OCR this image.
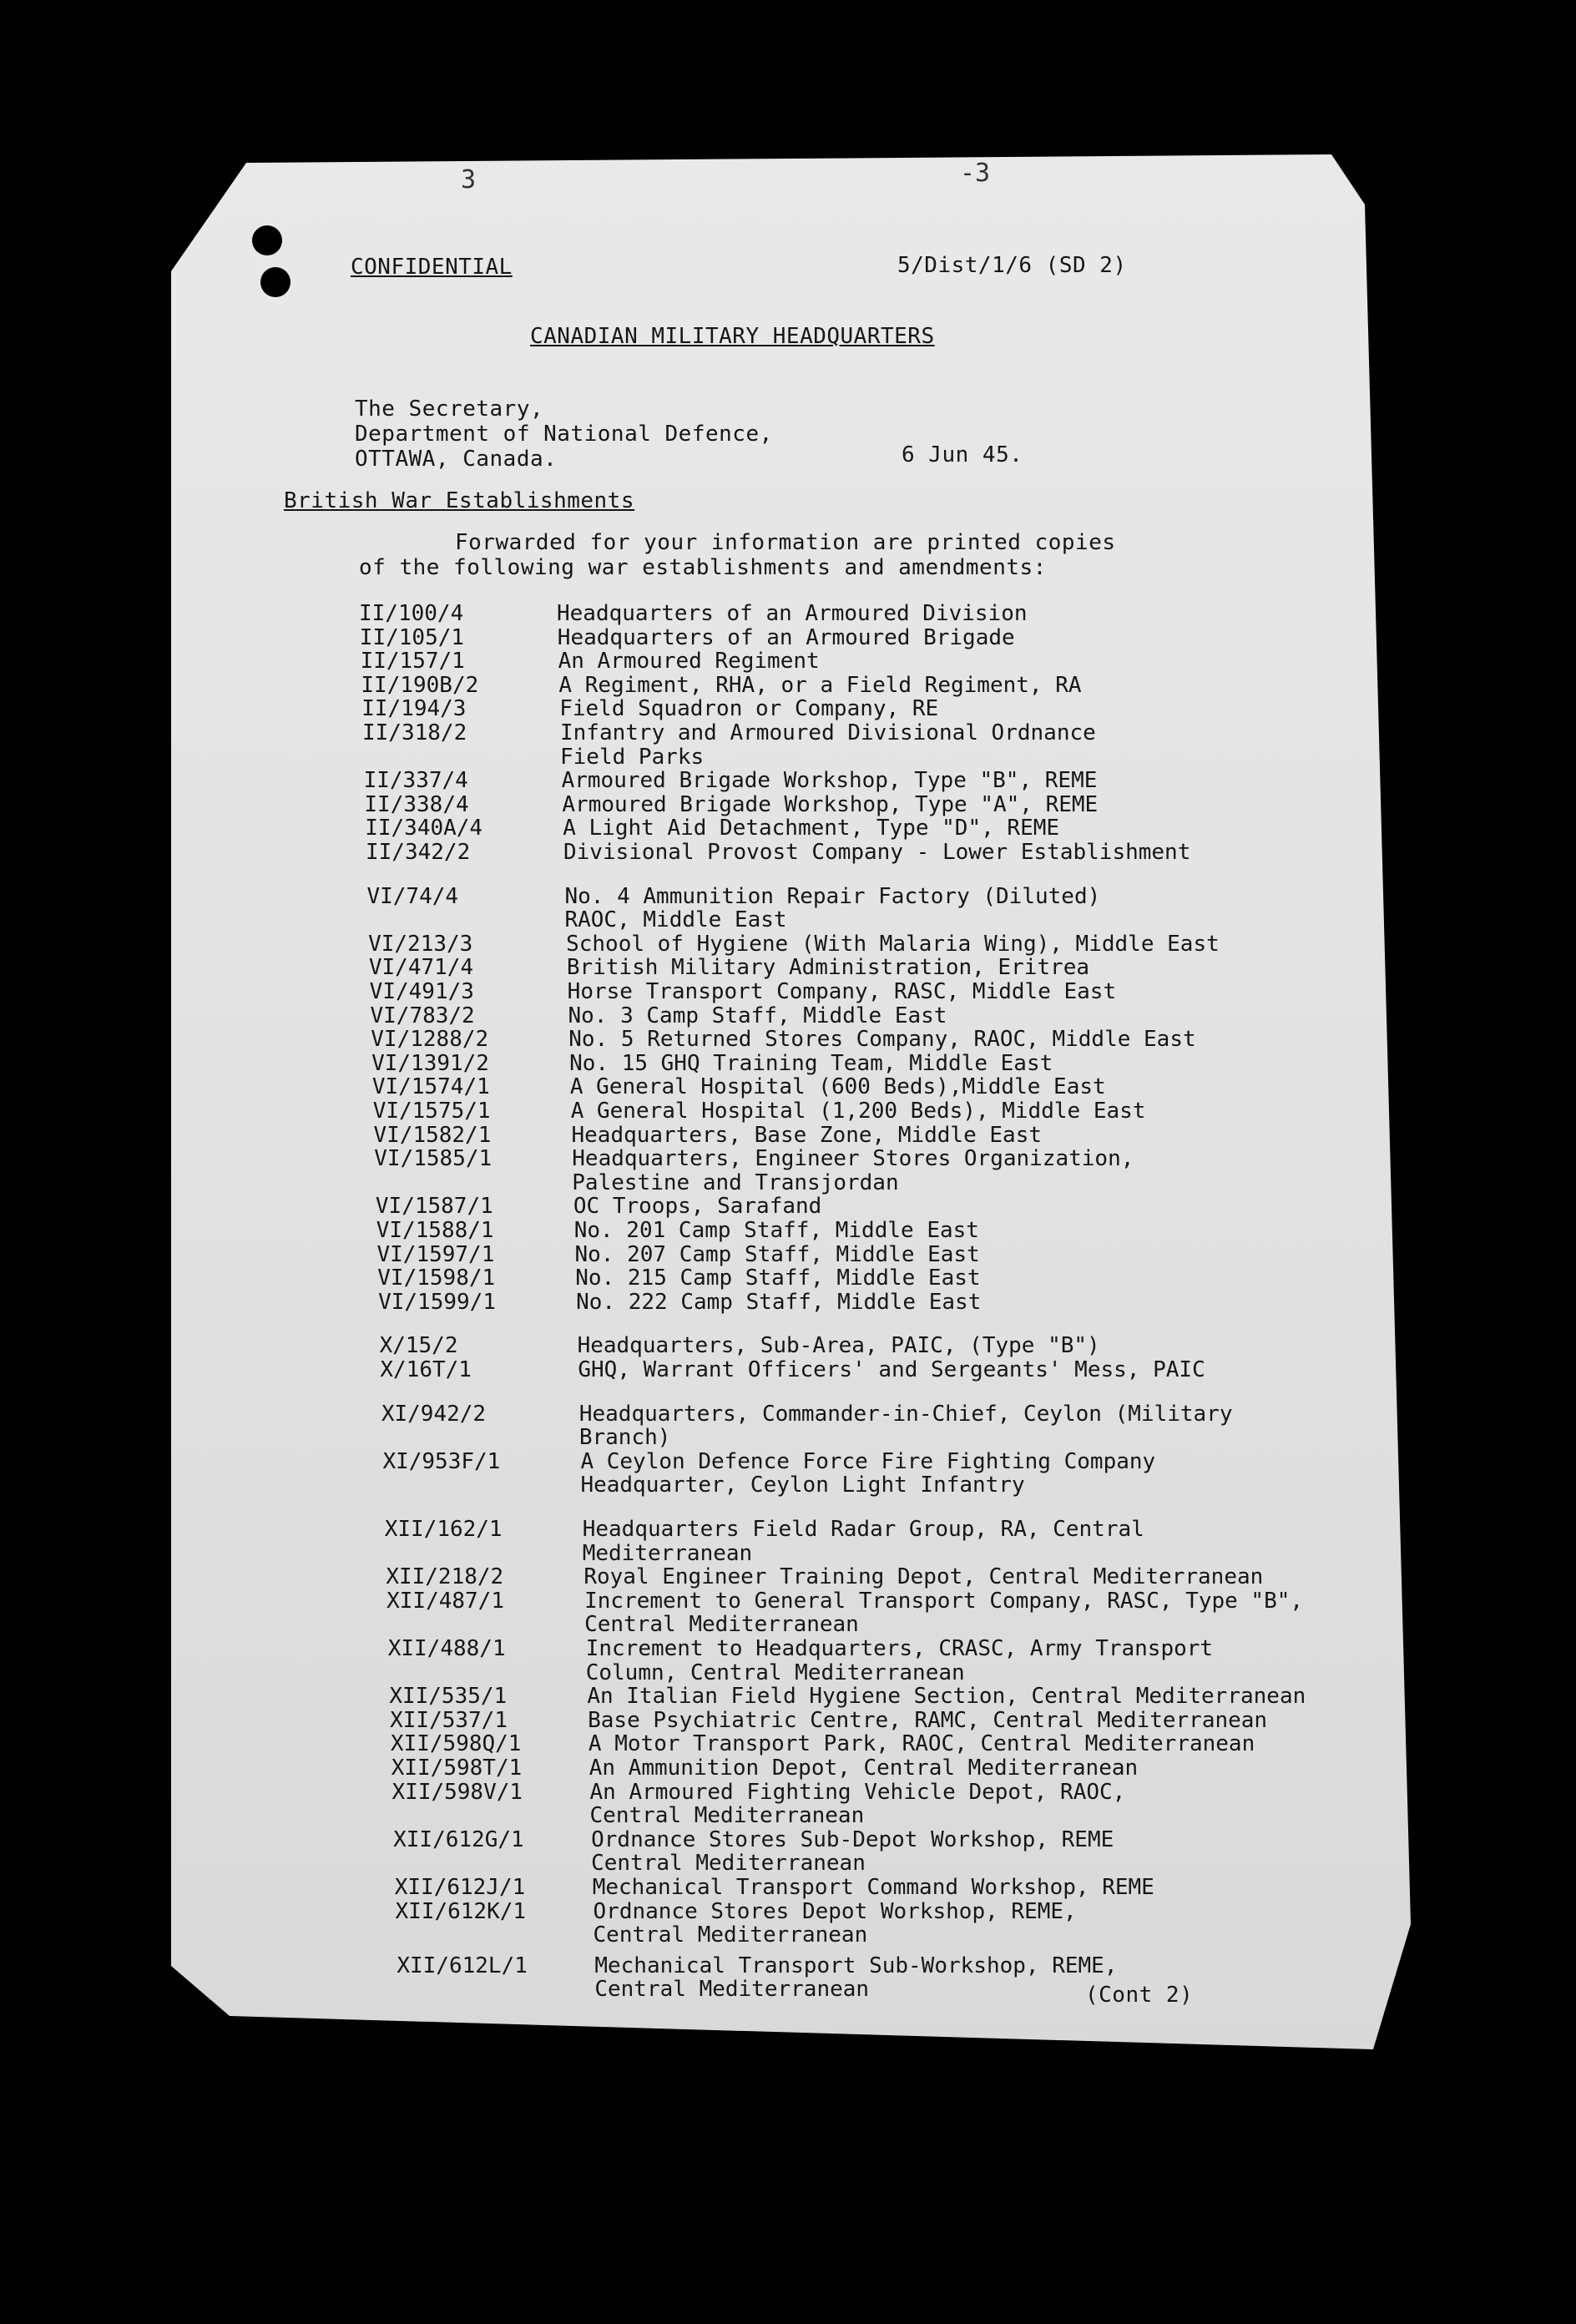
3	-3
CONFIDENTIAL	5/Dist/1/6 (SD 2)
CANADIAN MILITARY HEADQUARTERS
The Secretary,
Department of National Defence,
OTTAWA, Canada.	6 Jun 45.
British War Establishments
Forwarded for your information are printed copies
of the following war establishments and amendments:
II/100/4	Headquarters of an Armoured Division
II/105/1	Headquarters of an Armoured Brigade
II/157/1	An Armoured Regiment
II/190B/2	A Regiment, RHA, or a Field Regiment, RA
II/194/3	Field Squadron or Company, RE
II/318/2	Infantry and Armoured Divisional Ordnance
Field Parks
II/337/4	Armoured Brigade Workshop, Type "B", REME
II/338/4	Armoured Brigade Workshop, Type "A", REME
II/340A/4	A Light Aid Detachment, Type "D", REME
II/342/2	Divisional Provost Company - Lower Establishment
VI/74/4	No. 4 Ammunition Repair Factory (Diluted)
RAOC, Middle East
VI/213/3	School of Hygiene (With Malaria Wing), Middle East
VI/471/4	British Military Administration, Eritrea
VI/491/3	Horse Transport Company, RASC, Middle East
VI/783/2	No. 3 Camp Staff, Middle East
VI/1288/2	No. 5 Returned Stores Company, RAOC, Middle East
VI/1391/2	No. 15 GHQ Training Team, Middle East
VI/1574/1	A General Hospital (600 Beds),Middle East
VI/1575/1	A General Hospital (1,200 Beds), Middle East
VI/1582/1	Headquarters, Base Zone, Middle East
VI/1585/1	Headquarters, Engineer Stores Organization,
Palestine and Transjordan
VI/1587/1	OC Troops, Sarafand
VI/1588/1	No. 201 Camp Staff, Middle East
VI/1597/1	No. 207 Camp Staff, Middle East
VI/1598/1	No. 215 Camp Staff, Middle East
VI/1599/1	No. 222 Camp Staff, Middle East
X/15/2	Headquarters, Sub-Area, PAIC, (Type "B")
X/16T/1	GHQ, Warrant Officers' and Sergeants' Mess, PAIC
XI/942/2	Headquarters, Commander-in-Chief, Ceylon (Military
Branch)
XI/953F/1	A Ceylon Defence Force Fire Fighting Company
Headquarter, Ceylon Light Infantry
XII/162/1	Headquarters Field Radar Group, RA, Central
Mediterranean
XII/218/2	Royal Engineer Training Depot, Central Mediterranean
XII/487/1	Increment to General Transport Company, RASC, Type "B",
Central Mediterranean
XII/488/1	Increment to Headquarters, CRASC, Army Transport
Column, Central Mediterranean
XII/535/1	An Italian Field Hygiene Section, Central Mediterranean
XII/537/1	Base Psychiatric Centre, RAMC, Central Mediterranean
XII/598Q/1	A Motor Transport Park, RAOC, Central Mediterranean
XII/598T/1	An Ammunition Depot, Central Mediterranean
XII/598V/1	An Armoured Fighting Vehicle Depot, RAOC,
Central Mediterranean
XII/612G/1	Ordnance Stores Sub-Depot Workshop, REME
Central Mediterranean
XII/612J/1	Mechanical Transport Command Workshop, REME
XII/612K/1	Ordnance Stores Depot Workshop, REME,
Central Mediterranean
XII/612L/1	Mechanical Transport Sub-Workshop, REME,
Central Mediterranean	(Cont 2)
